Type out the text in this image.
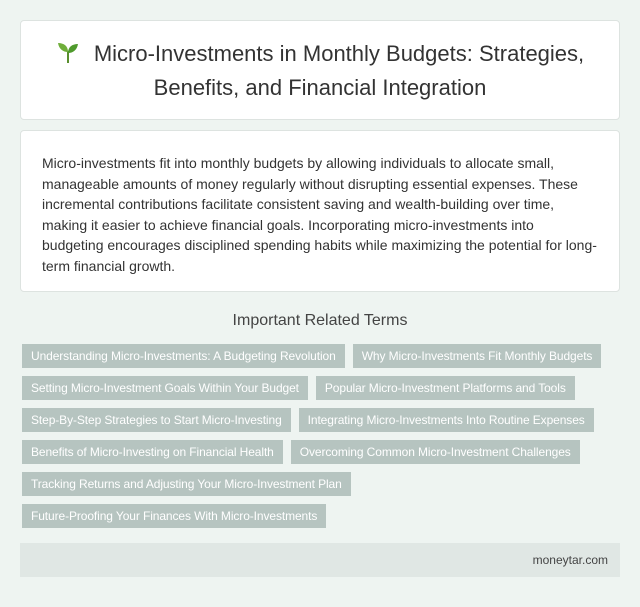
Micro-Investments in Monthly Budgets: Strategies, Benefits, and Financial Integration

Micro-investments fit into monthly budgets by allowing individuals to allocate small, manageable amounts of money regularly without disrupting essential expenses. These incremental contributions facilitate consistent saving and wealth-building over time, making it easier to achieve financial goals. Incorporating micro-investments into budgeting encourages disciplined spending habits while maximizing the potential for long-term financial growth.

Important Related Terms
Understanding Micro-Investments: A Budgeting Revolution	Why Micro-Investments Fit Monthly Budgets
Setting Micro-Investment Goals Within Your Budget	Popular Micro-Investment Platforms and Tools
Step-By-Step Strategies to Start Micro-Investing	Integrating Micro-Investments Into Routine Expenses
Benefits of Micro-Investing on Financial Health	Overcoming Common Micro-Investment Challenges
Tracking Returns and Adjusting Your Micro-Investment Plan
Future-Proofing Your Finances With Micro-Investments
moneytar.com
